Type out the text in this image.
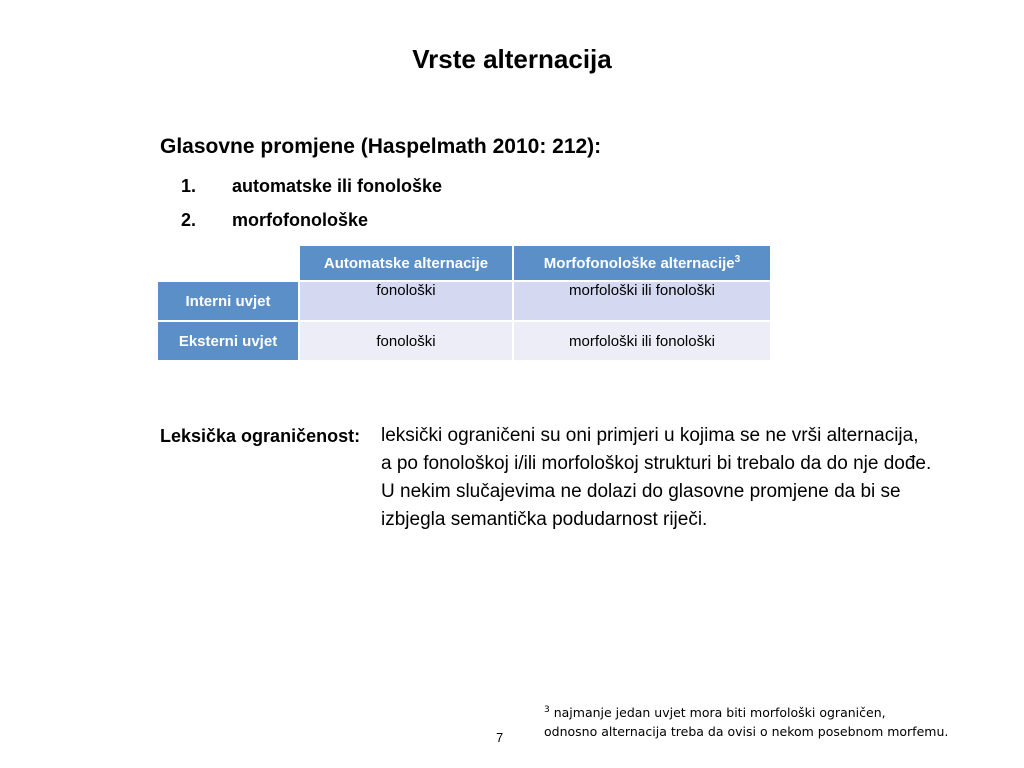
Vrste alternacija
Glasovne promjene (Haspelmath 2010: 212):
1. automatske ili fonološke
2. morfofonološke
	Automatske alternacije	Morfofonološke alternacije$^3$
Interni uvjet	fonološki	morfološki ili fonološki
Eksterni uvjet	fonološki	morfološki ili fonološki
Leksička ograničenost: leksički ograničeni su oni primjeri u kojima se ne vrši alternacija,
a po fonološkoj i/ili morfološkoj strukturi bi trebalo da do nje dođe.
U nekim slučajevima ne dolazi do glasovne promjene da bi se
izbjegla semantička podudarnost riječi.
$^3$ najmanje jedan uvjet mora biti morfološki ograničen,
odnosno alternacija treba da ovisi o nekom posebnom morfemu.
7
